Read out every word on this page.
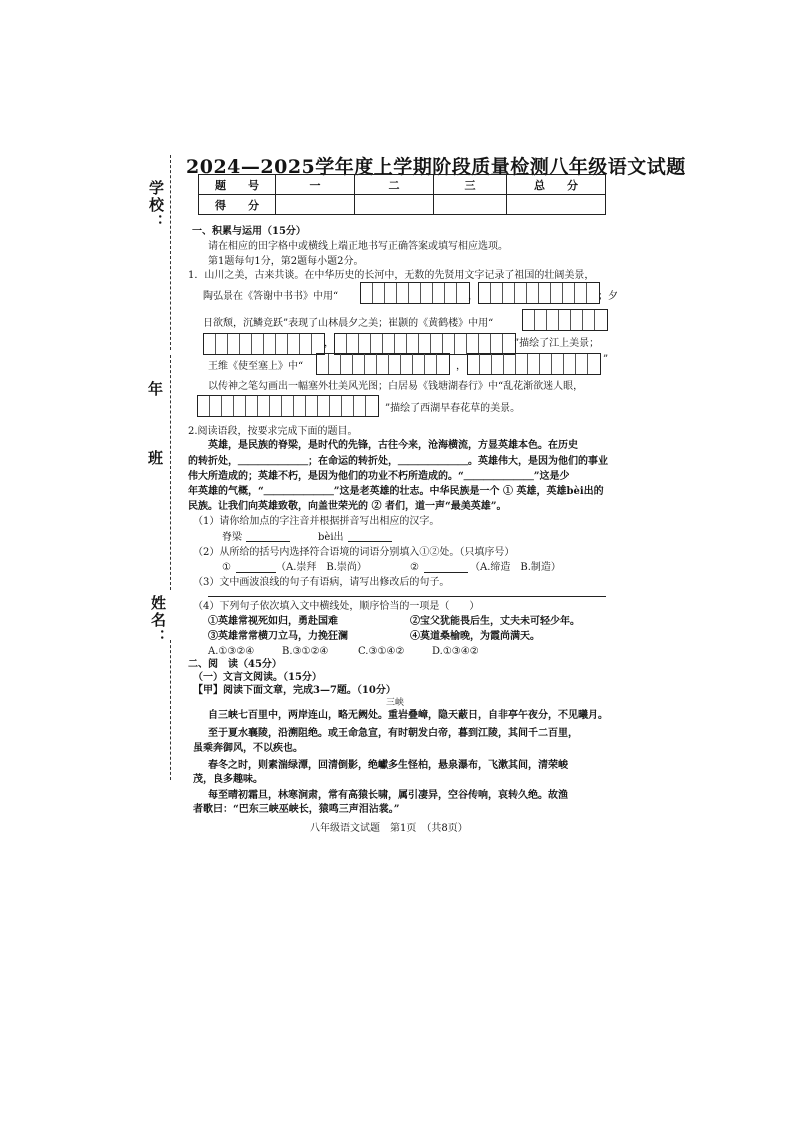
学校：
年
班
姓名：
2024—2025学年度上学期阶段质量检测八年级语文试题
题　　号	一	二	三	总　　分
得　　分				
一、积累与运用（15分）
请在相应的田字格中或横线上端正地书写正确答案或填写相应选项。
第1题每句1分，第2题每小题2分。
1．山川之美，古来共谈。在中华历史的长河中，无数的先贤用文字记录了祖国的壮阔美景，
陶弘景在《答谢中书书》中用“	，	；夕
日欲颓，沉鳞竞跃”表现了山林晨夕之美；崔颢的《黄鹤楼》中用“
，	”描绘了江上美景；
王维《使至塞上》中“	，
”
以传神之笔勾画出一幅塞外壮美风光图；白居易《钱塘湖春行》中“乱花渐欲迷人眼，
”描绘了西湖早春花草的美景。
2.阅读语段，按要求完成下面的题目。
英雄，是民族的脊梁，是时代的先锋，古往今来，沧海横流，方显英雄本色。在历史
的转折处，＿＿＿＿＿＿＿；在命运的转折处，＿＿＿＿＿＿＿。英雄伟大，是因为他们的事业
伟大所造成的；英雄不朽，是因为他们的功业不朽所造成的。“＿＿＿＿＿＿＿”这是少
年英雄的气概，“＿＿＿＿＿＿＿”这是老英雄的壮志。中华民族是一个 ① 英雄，英雄bèi出的
民族。让我们向英雄致敬，向盖世荣光的 ② 者们，道一声“最美英雄”。
（1）请你给加点的字注音并根据拼音写出相应的汉字。
脊梁	bèi出
（2）从所给的括号内选择符合语境的词语分别填入①②处。（只填序号）
①	（A.崇拜　B.崇尚）	②	（A.缔造　B.制造）
（3）文中画波浪线的句子有语病，请写出修改后的句子。
（4）下列句子依次填入文中横线处，顺序恰当的一项是（　　）
①英雄常视死如归，勇赴国难	②宝父犹能畏后生，丈夫未可轻少年。
③英雄常常横刀立马，力挽狂澜	④莫道桑榆晚，为霞尚满天。
A.①③②④	B.③①②④	C.③①④②	D.①③④②
二、阅　读（45分）
（一）文言文阅读。（15分）
【甲】阅读下面文章，完成3—7题。（10分）
三峡
自三峡七百里中，两岸连山，略无阙处。重岩叠嶂，隐天蔽日，自非亭午夜分，不见曦月。
至于夏水襄陵，沿溯阻绝。或王命急宣，有时朝发白帝，暮到江陵，其间千二百里，
虽乘奔御风，不以疾也。
春冬之时，则素湍绿潭，回清倒影，绝巘多生怪柏，悬泉瀑布，飞漱其间，清荣峻
茂，良多趣味。
每至晴初霜旦，林寒涧肃，常有高猿长啸，属引凄异，空谷传响，哀转久绝。故渔
者歌曰：“巴东三峡巫峡长，猿鸣三声泪沾裳。”
八年级语文试题　第1页　（共8页）
